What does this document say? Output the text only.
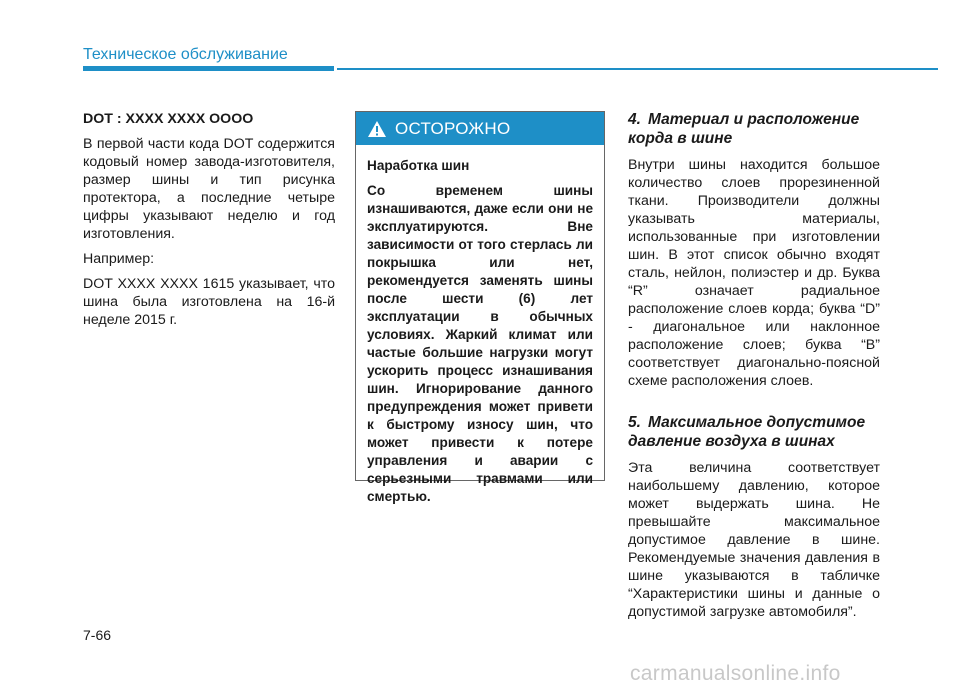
Техническое обслуживание

DOT : XXXX XXXX OOOO

В первой части кода DOT содержится кодовый номер завода-изготовителя, размер шины и тип рисунка протектора, а последние четыре цифры указывают неделю и год изготовления.

Например:

DOT XXXX XXXX 1615 указывает, что шина была изготовлена на 16-й неделе 2015 г.

ОСТОРОЖНО
Наработка шин
Со временем шины изнашиваются, даже если они не эксплуатируются. Вне зависимости от того стерлась ли покрышка или нет, рекомендуется заменять шины после шести (6) лет эксплуатации в обычных условиях. Жаркий климат или частые большие нагрузки могут ускорить процесс изнашивания шин. Игнорирование данного предупреждения может привети к быстрому износу шин, что может привести к потере управления и аварии с серьезными травмами или смертью.
4. Материал и расположение корда в шине

Внутри шины находится большое количество слоев прорезиненной ткани. Производители должны указывать материалы, использованные при изготовлении шин. В этот список обычно входят сталь, нейлон, полиэстер и др. Буква “R” означает радиальное расположение слоев корда; буква “D” - диагональное или наклонное расположение слоев; буква “B” соответствует диагонально-поясной схеме расположения слоев.

5. Максимальное допустимое давление воздуха в шинах

Эта величина соответствует наибольшему давлению, которое может выдержать шина. Не превышайте максимальное допустимое давление в шине. Рекомендуемые значения давления в шине указываются в табличке “Характеристики шины и данные о допустимой загрузке автомобиля”.

7-66
carmanualsonline.info
